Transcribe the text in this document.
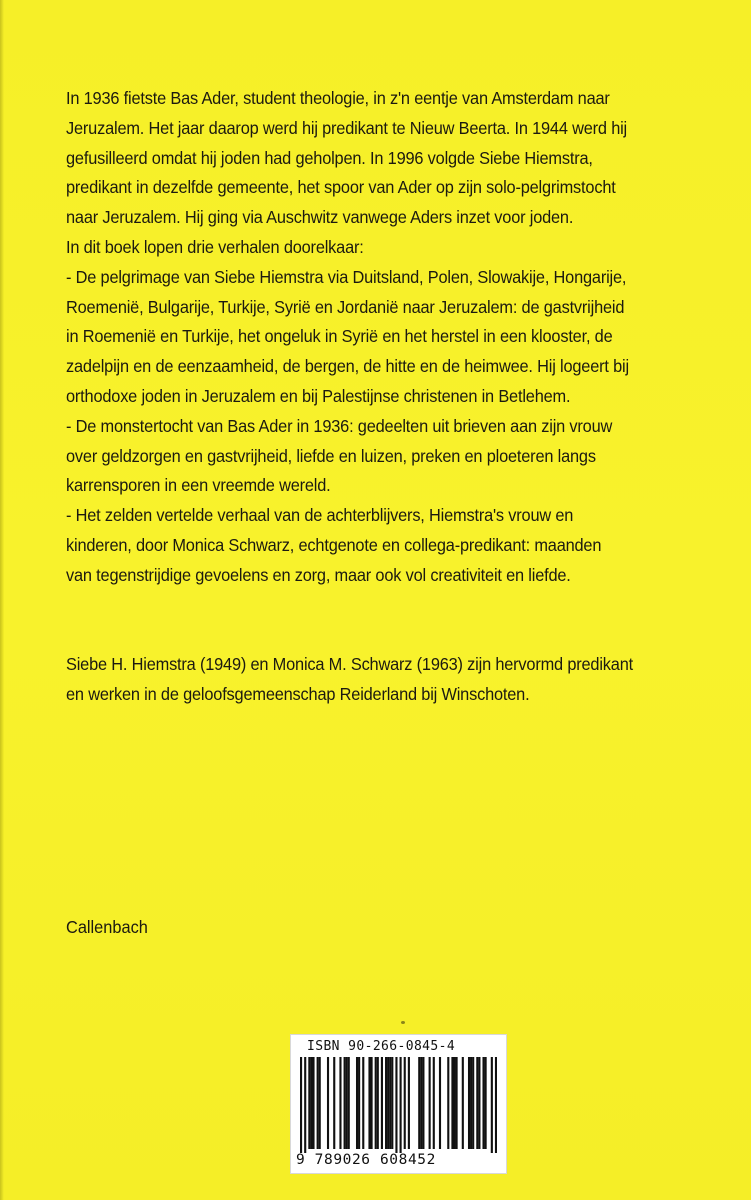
In 1936 fietste Bas Ader, student theologie, in z'n eentje van Amsterdam naar

Jeruzalem. Het jaar daarop werd hij predikant te Nieuw Beerta. In 1944 werd hij

gefusilleerd omdat hij joden had geholpen. In 1996 volgde Siebe Hiemstra,

predikant in dezelfde gemeente, het spoor van Ader op zijn solo-pelgrimstocht

naar Jeruzalem. Hij ging via Auschwitz vanwege Aders inzet voor joden.

In dit boek lopen drie verhalen doorelkaar:

- De pelgrimage van Siebe Hiemstra via Duitsland, Polen, Slowakije, Hongarije,

Roemenië, Bulgarije, Turkije, Syrië en Jordanië naar Jeruzalem: de gastvrijheid

in Roemenië en Turkije, het ongeluk in Syrië en het herstel in een klooster, de

zadelpijn en de eenzaamheid, de bergen, de hitte en de heimwee. Hij logeert bij

orthodoxe joden in Jeruzalem en bij Palestijnse christenen in Betlehem.

- De monstertocht van Bas Ader in 1936: gedeelten uit brieven aan zijn vrouw

over geldzorgen en gastvrijheid, liefde en luizen, preken en ploeteren langs

karrensporen in een vreemde wereld.

- Het zelden vertelde verhaal van de achterblijvers, Hiemstra's vrouw en

kinderen, door Monica Schwarz, echtgenote en collega-predikant: maanden

van tegenstrijdige gevoelens en zorg, maar ook vol creativiteit en liefde.

Siebe H. Hiemstra (1949) en Monica M. Schwarz (1963) zijn hervormd predikant

en werken in de geloofsgemeenschap Reiderland bij Winschoten.

Callenbach
ISBN 90-266-0845-4
9 789026 608452
